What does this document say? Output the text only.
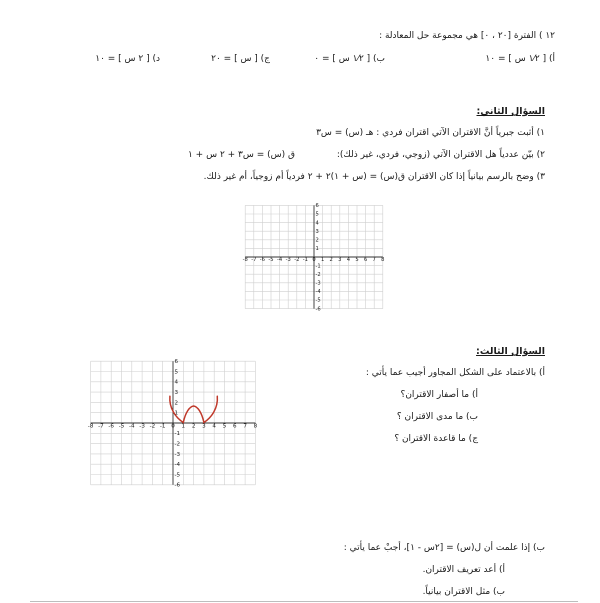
١٢ ) الفترة [٢٠ ، ٠] هي مجموعة حل المعادلة :
أ) [ ١⁄٢ س ] = ١٠
ب) [ ١⁄٢ س ] = ٠
ج) [ س ] = ٢٠
د) [ ٢ س ] = ١٠
السؤال الثاني:
١) أثبت جبرياً أنَّ الاقتران الآتي اقتران فردي : هـ (س) = س٣
٢) بيّن عددياً هل الاقتران الآتي (زوجي، فردي، غير ذلك):
ق (س) = س٣ + ٢ س + ١
٣) وضح بالرسم بيانياً إذا كان الاقتران ق(س) = (س + ١)٢ + ٢ فردياً أم زوجياً، أم غير ذلك.
-8 -7 -6 -5 -4 -3 -2 -1 0 1 2 3 4 5 6 7 8
6
5
4
3
2
1
-1
-2
-3
-4
-5
-6
السؤال الثالث:
أ) بالاعتماد على الشكل المجاور أجيب عما يأتي :
أ) ما أصفار الاقتران؟
ب) ما مدى الاقتران ؟
ج) ما قاعدة الاقتران ؟
-8 -7 -6 -5 -4 -3 -2 -1 0 1 2 3 4 5 6 7 8
6
5
4
3
2
1
-1
-2
-3
-4
-5
-6
ب) إذا علمت أن ل(س) = [٢س - ١]، أجبْ عما يأتي :
أ) أعد تعريف الاقتران.
ب) مثل الاقتران بيانياً.
